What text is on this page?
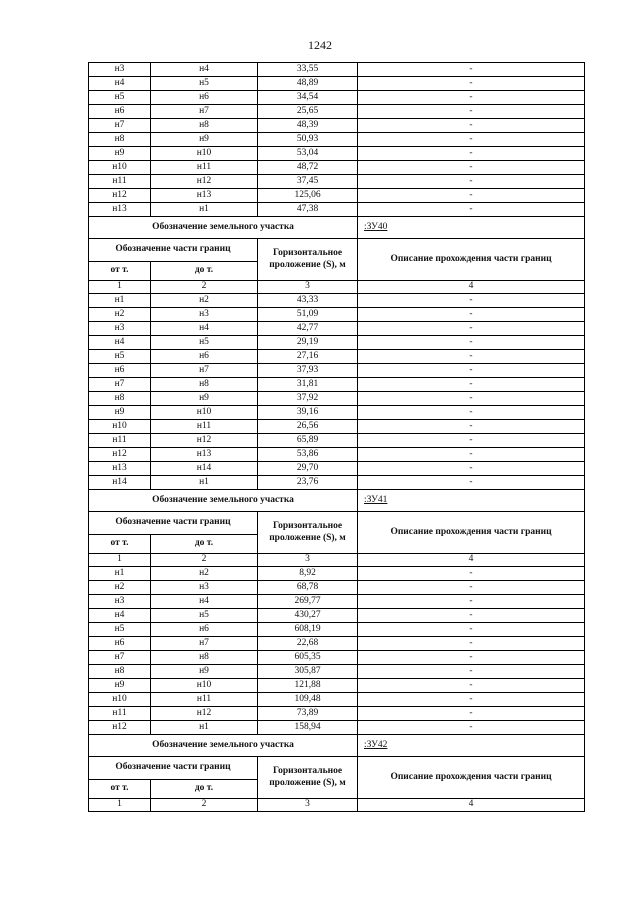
1242
н3	н4	33,55	-
н4	н5	48,89	-
н5	н6	34,54	-
н6	н7	25,65	-
н7	н8	48,39	-
н8	н9	50,93	-
н9	н10	53,04	-
н10	н11	48,72	-
н11	н12	37,45	-
н12	н13	125,06	-
н13	н1	47,38	-
Обозначение земельного участка			:ЗУ40
Обозначение части границ		Горизонтальное проложение (S), м	Описание прохождения части границ
от т.	до т.		
1	2	3	4
н1	н2	43,33	-
н2	н3	51,09	-
н3	н4	42,77	-
н4	н5	29,19	-
н5	н6	27,16	-
н6	н7	37,93	-
н7	н8	31,81	-
н8	н9	37,92	-
н9	н10	39,16	-
н10	н11	26,56	-
н11	н12	65,89	-
н12	н13	53,86	-
н13	н14	29,70	-
н14	н1	23,76	-
Обозначение земельного участка			:ЗУ41
Обозначение части границ		Горизонтальное проложение (S), м	Описание прохождения части границ
от т.	до т.		
1	2	3	4
н1	н2	8,92	-
н2	н3	68,78	-
н3	н4	269,77	-
н4	н5	430,27	-
н5	н6	608,19	-
н6	н7	22,68	-
н7	н8	605,35	-
н8	н9	305,87	-
н9	н10	121,88	-
н10	н11	109,48	-
н11	н12	73,89	-
н12	н1	158,94	-
Обозначение земельного участка			:ЗУ42
Обозначение части границ		Горизонтальное проложение (S), м	Описание прохождения части границ
от т.	до т.		
1	2	3	4
